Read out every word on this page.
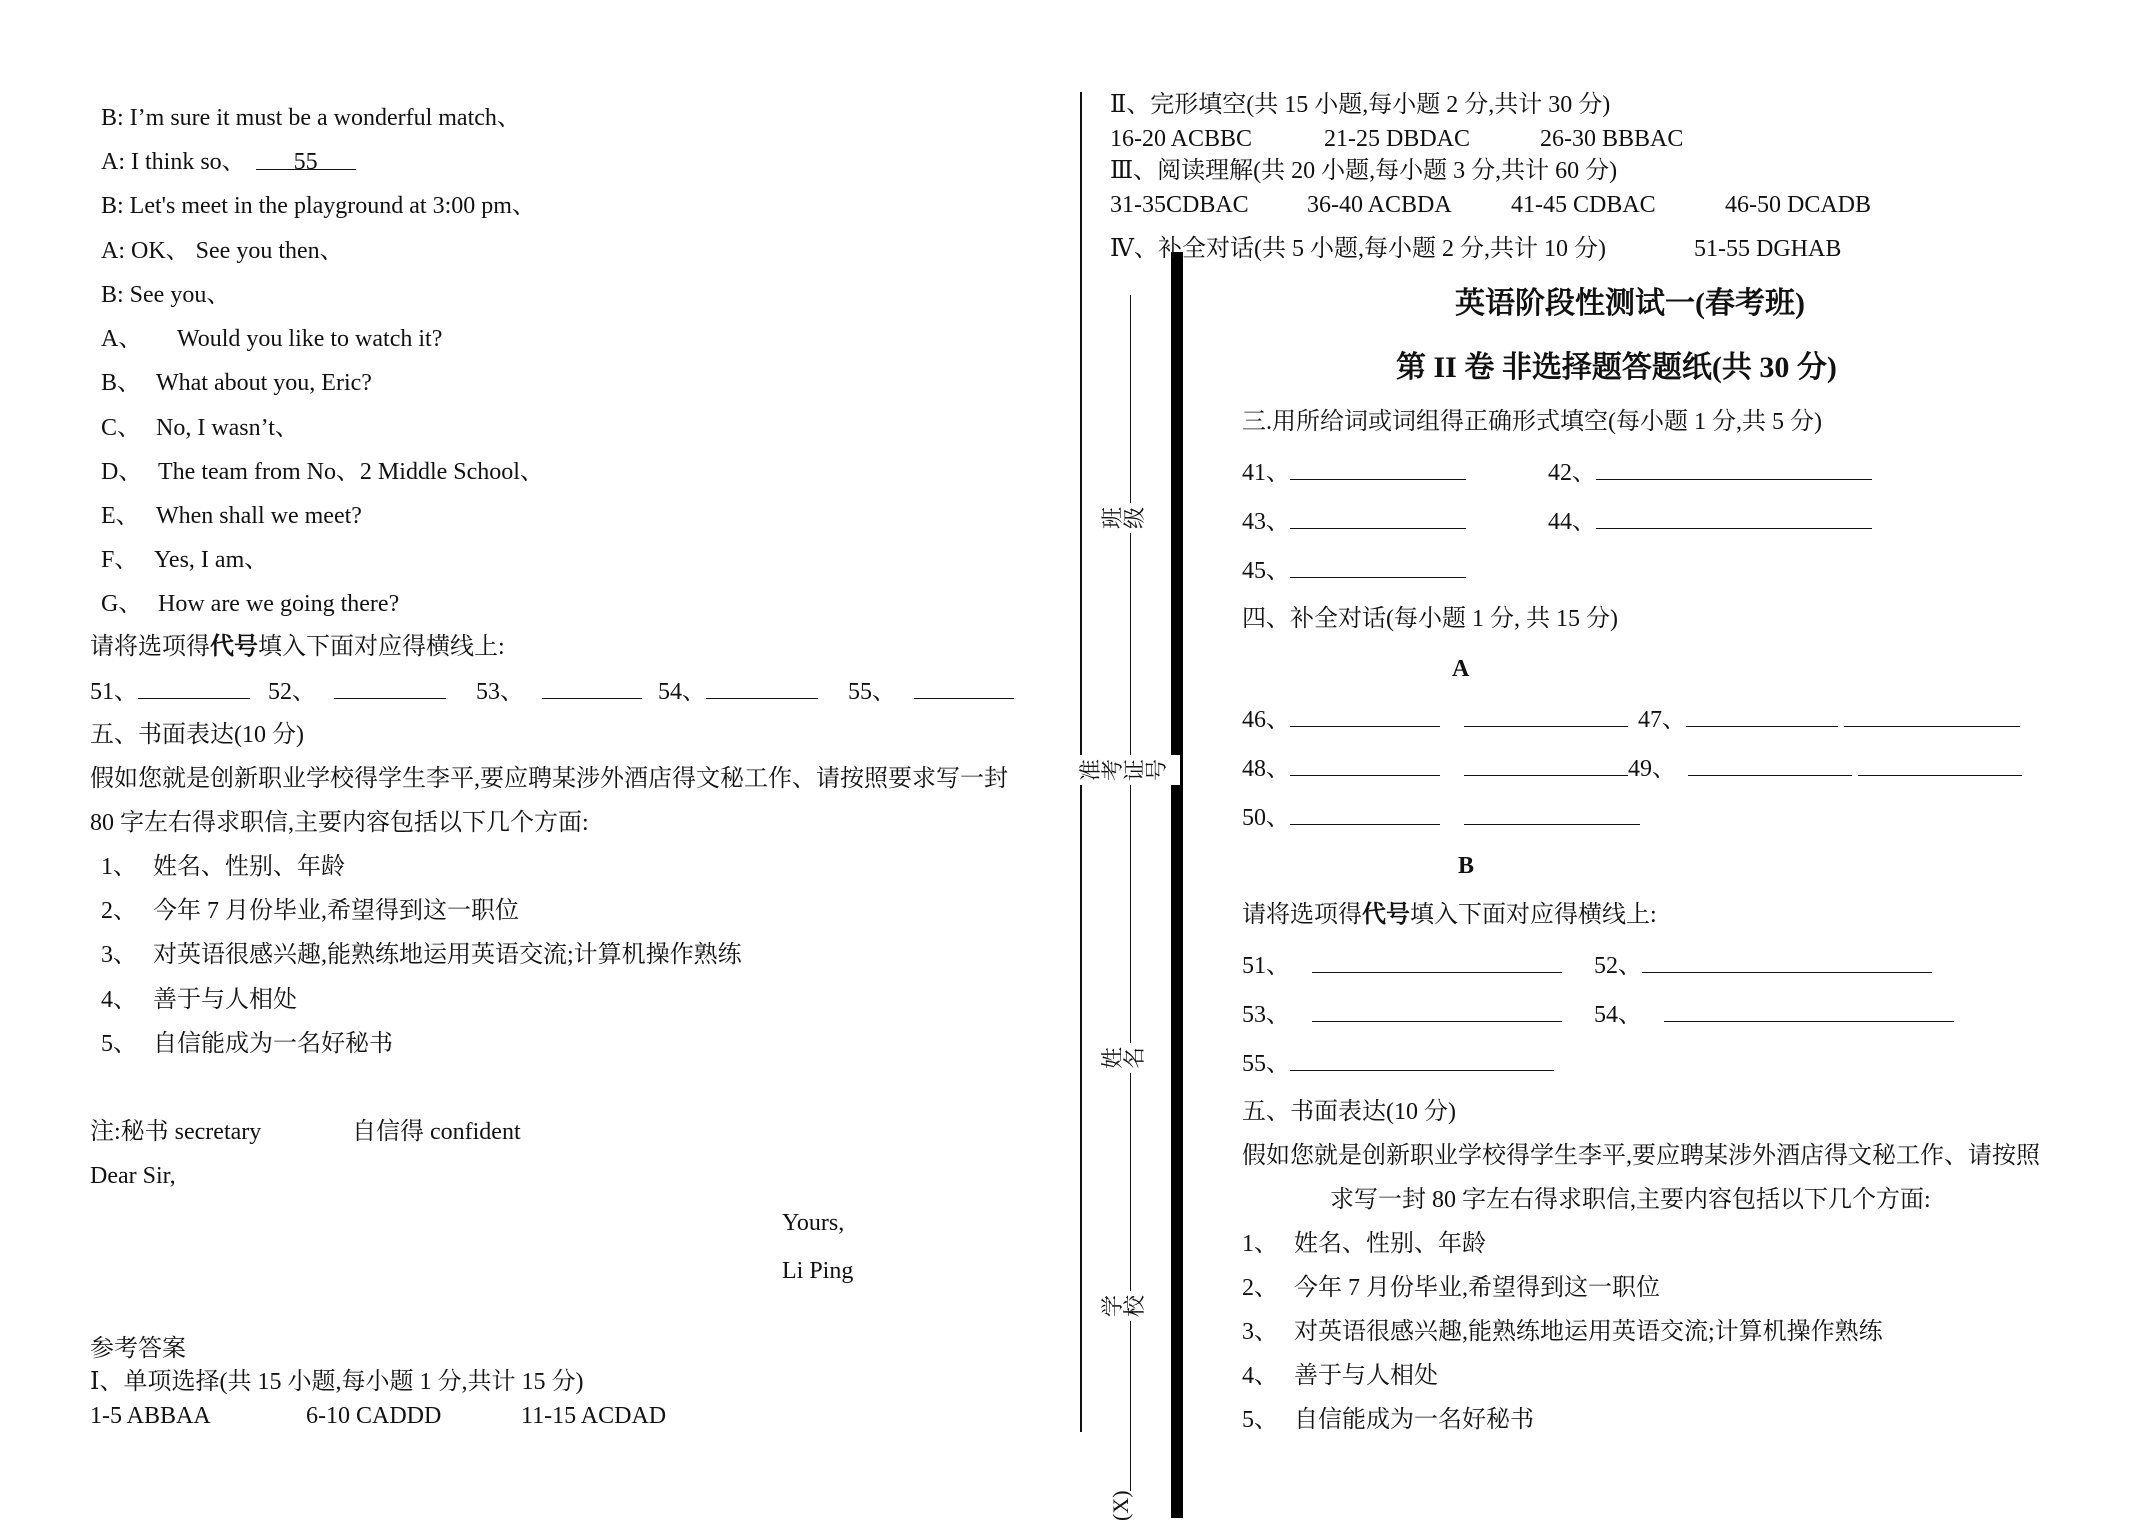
B: I’m sure it must be a wonderful match、
A: I think so、 55
B: Let's meet in the playground at 3:00 pm、
A: OK、 See you then、
B: See you、
A、 Would you like to watch it?
B、 What about you, Eric?
C、 No, I wasn’t、
D、 The team from No、2 Middle School、
E、 When shall we meet?
F、 Yes, I am、
G、 How are we going there?
请将选项得代号填入下面对应得横线上:
51、	52、	53、	54、	55、
五、书面表达(10 分)
假如您就是创新职业学校得学生李平,要应聘某涉外酒店得文秘工作、请按照要求写一封
80 字左右得求职信,主要内容包括以下几个方面:
1、 姓名、性别、年龄
2、 今年 7 月份毕业,希望得到这一职位
3、 对英语很感兴趣,能熟练地运用英语交流;计算机操作熟练
4、 善于与人相处
5、 自信能成为一名好秘书
注:秘书 secretary	自信得 confident
Dear Sir,
Yours,
Li Ping
参考答案
Ⅰ、单项选择(共 15 小题,每小题 1 分,共计 15 分)
1-5 ABBAA	6-10 CADDD	11-15 ACDAD
班级
准考证号
姓名
学校
(X)
Ⅱ、完形填空(共 15 小题,每小题 2 分,共计 30 分)
16-20 ACBBC	21-25 DBDAC	26-30 BBBAC
Ⅲ、阅读理解(共 20 小题,每小题 3 分,共计 60 分)
31-35CDBAC 36-40 ACBDA 41-45 CDBAC	46-50 DCADB
Ⅳ、补全对话(共 5 小题,每小题 2 分,共计 10 分)	51-55 DGHAB
英语阶段性测试一(春考班)
第 II 卷 非选择题答题纸(共 30 分)
三.用所给词或词组得正确形式填空(每小题 1 分,共 5 分)
41、	42、
43、	44、
45、
四、补全对话(每小题 1 分, 共 15 分)
A
46、	47、
48、	49、
50、
B
请将选项得代号填入下面对应得横线上:
51、	52、
53、	54、
55、
五、书面表达(10 分)
假如您就是创新职业学校得学生李平,要应聘某涉外酒店得文秘工作、请按照
求写一封 80 字左右得求职信,主要内容包括以下几个方面:
1、 姓名、性别、年龄
2、 今年 7 月份毕业,希望得到这一职位
3、 对英语很感兴趣,能熟练地运用英语交流;计算机操作熟练
4、 善于与人相处
5、 自信能成为一名好秘书
